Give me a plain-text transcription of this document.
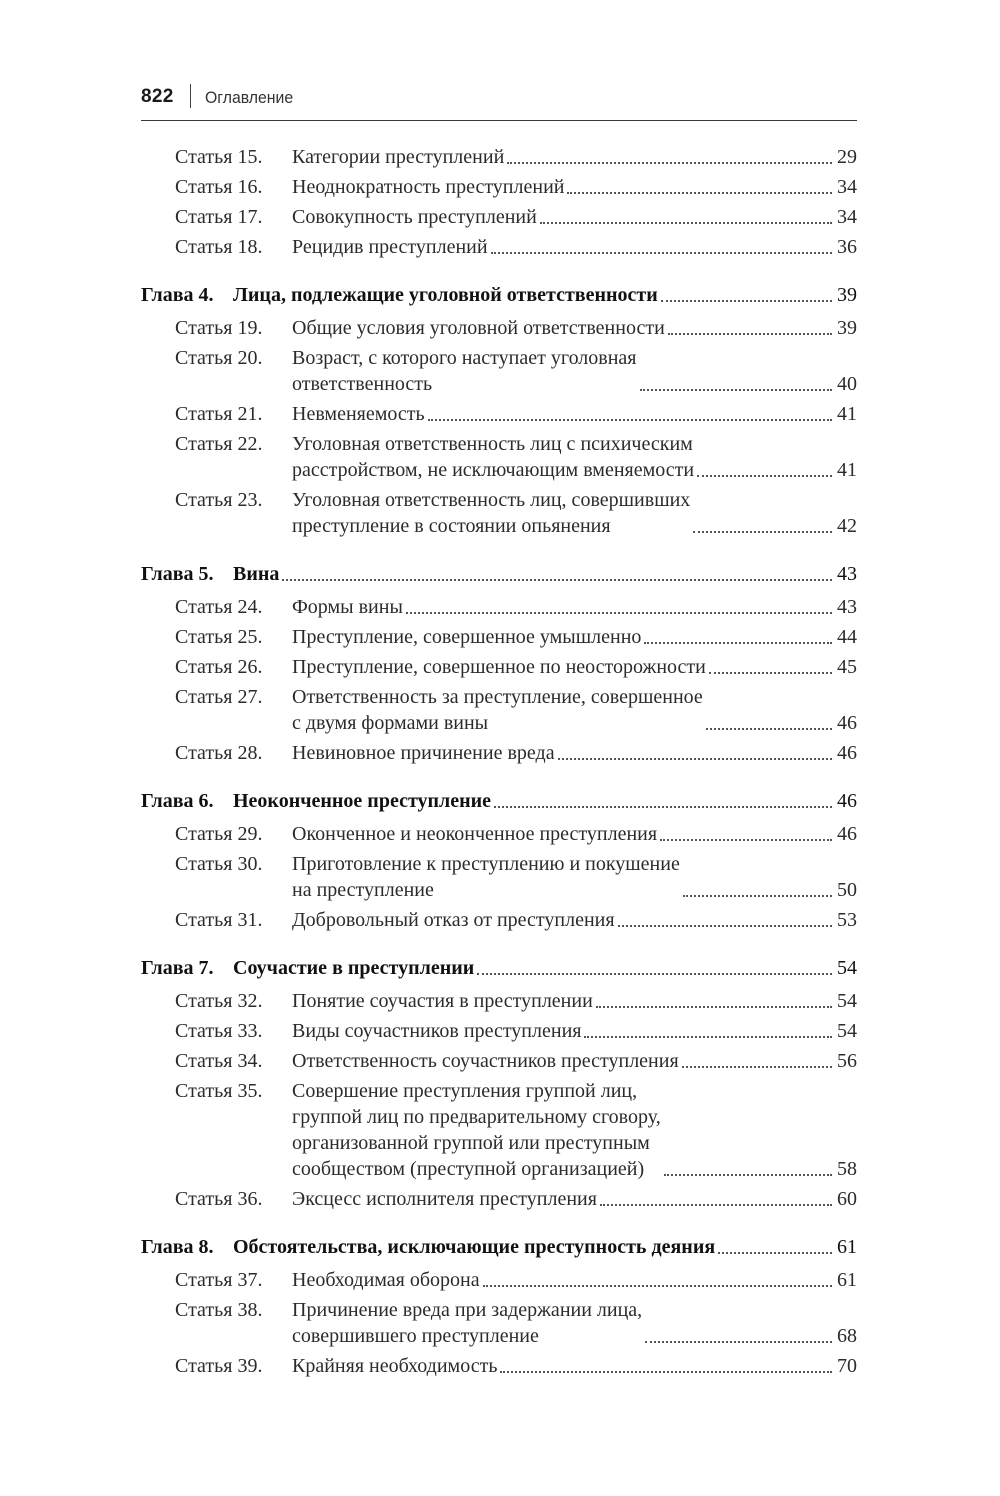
822 Оглавление
Статья 15.	Категории преступлений	29
Статья 16.	Неоднократность преступлений	34
Статья 17.	Совокупность преступлений	34
Статья 18.	Рецидив преступлений	36
Глава 4. Лица, подлежащие уголовной ответственности	39
Статья 19.	Общие условия уголовной ответственности	39
Статья 20.	Возраст, с которого наступает уголовная
ответственность	40
Статья 21.	Невменяемость	41
Статья 22.	Уголовная ответственность лиц с психическим
расстройством, не исключающим вменяемости	41
Статья 23.	Уголовная ответственность лиц, совершивших
преступление в состоянии опьянения	42
Глава 5. Вина	43
Статья 24.	Формы вины	43
Статья 25.	Преступление, совершенное умышленно	44
Статья 26.	Преступление, совершенное по неосторожности	45
Статья 27.	Ответственность за преступление, совершенное
с двумя формами вины	46
Статья 28.	Невиновное причинение вреда	46
Глава 6. Неоконченное преступление	46
Статья 29.	Оконченное и неоконченное преступления	46
Статья 30.	Приготовление к преступлению и покушение
на преступление	50
Статья 31.	Добровольный отказ от преступления	53
Глава 7. Соучастие в преступлении	54
Статья 32.	Понятие соучастия в преступлении	54
Статья 33.	Виды соучастников преступления	54
Статья 34.	Ответственность соучастников преступления	56
Статья 35.	Совершение преступления группой лиц,
группой лиц по предварительному сговору,
организованной группой или преступным
сообществом (преступной организацией)	58
Статья 36.	Эксцесс исполнителя преступления	60
Глава 8. Обстоятельства, исключающие преступность деяния	61
Статья 37.	Необходимая оборона	61
Статья 38.	Причинение вреда при задержании лица,
совершившего преступление	68
Статья 39.	Крайняя необходимость	70
